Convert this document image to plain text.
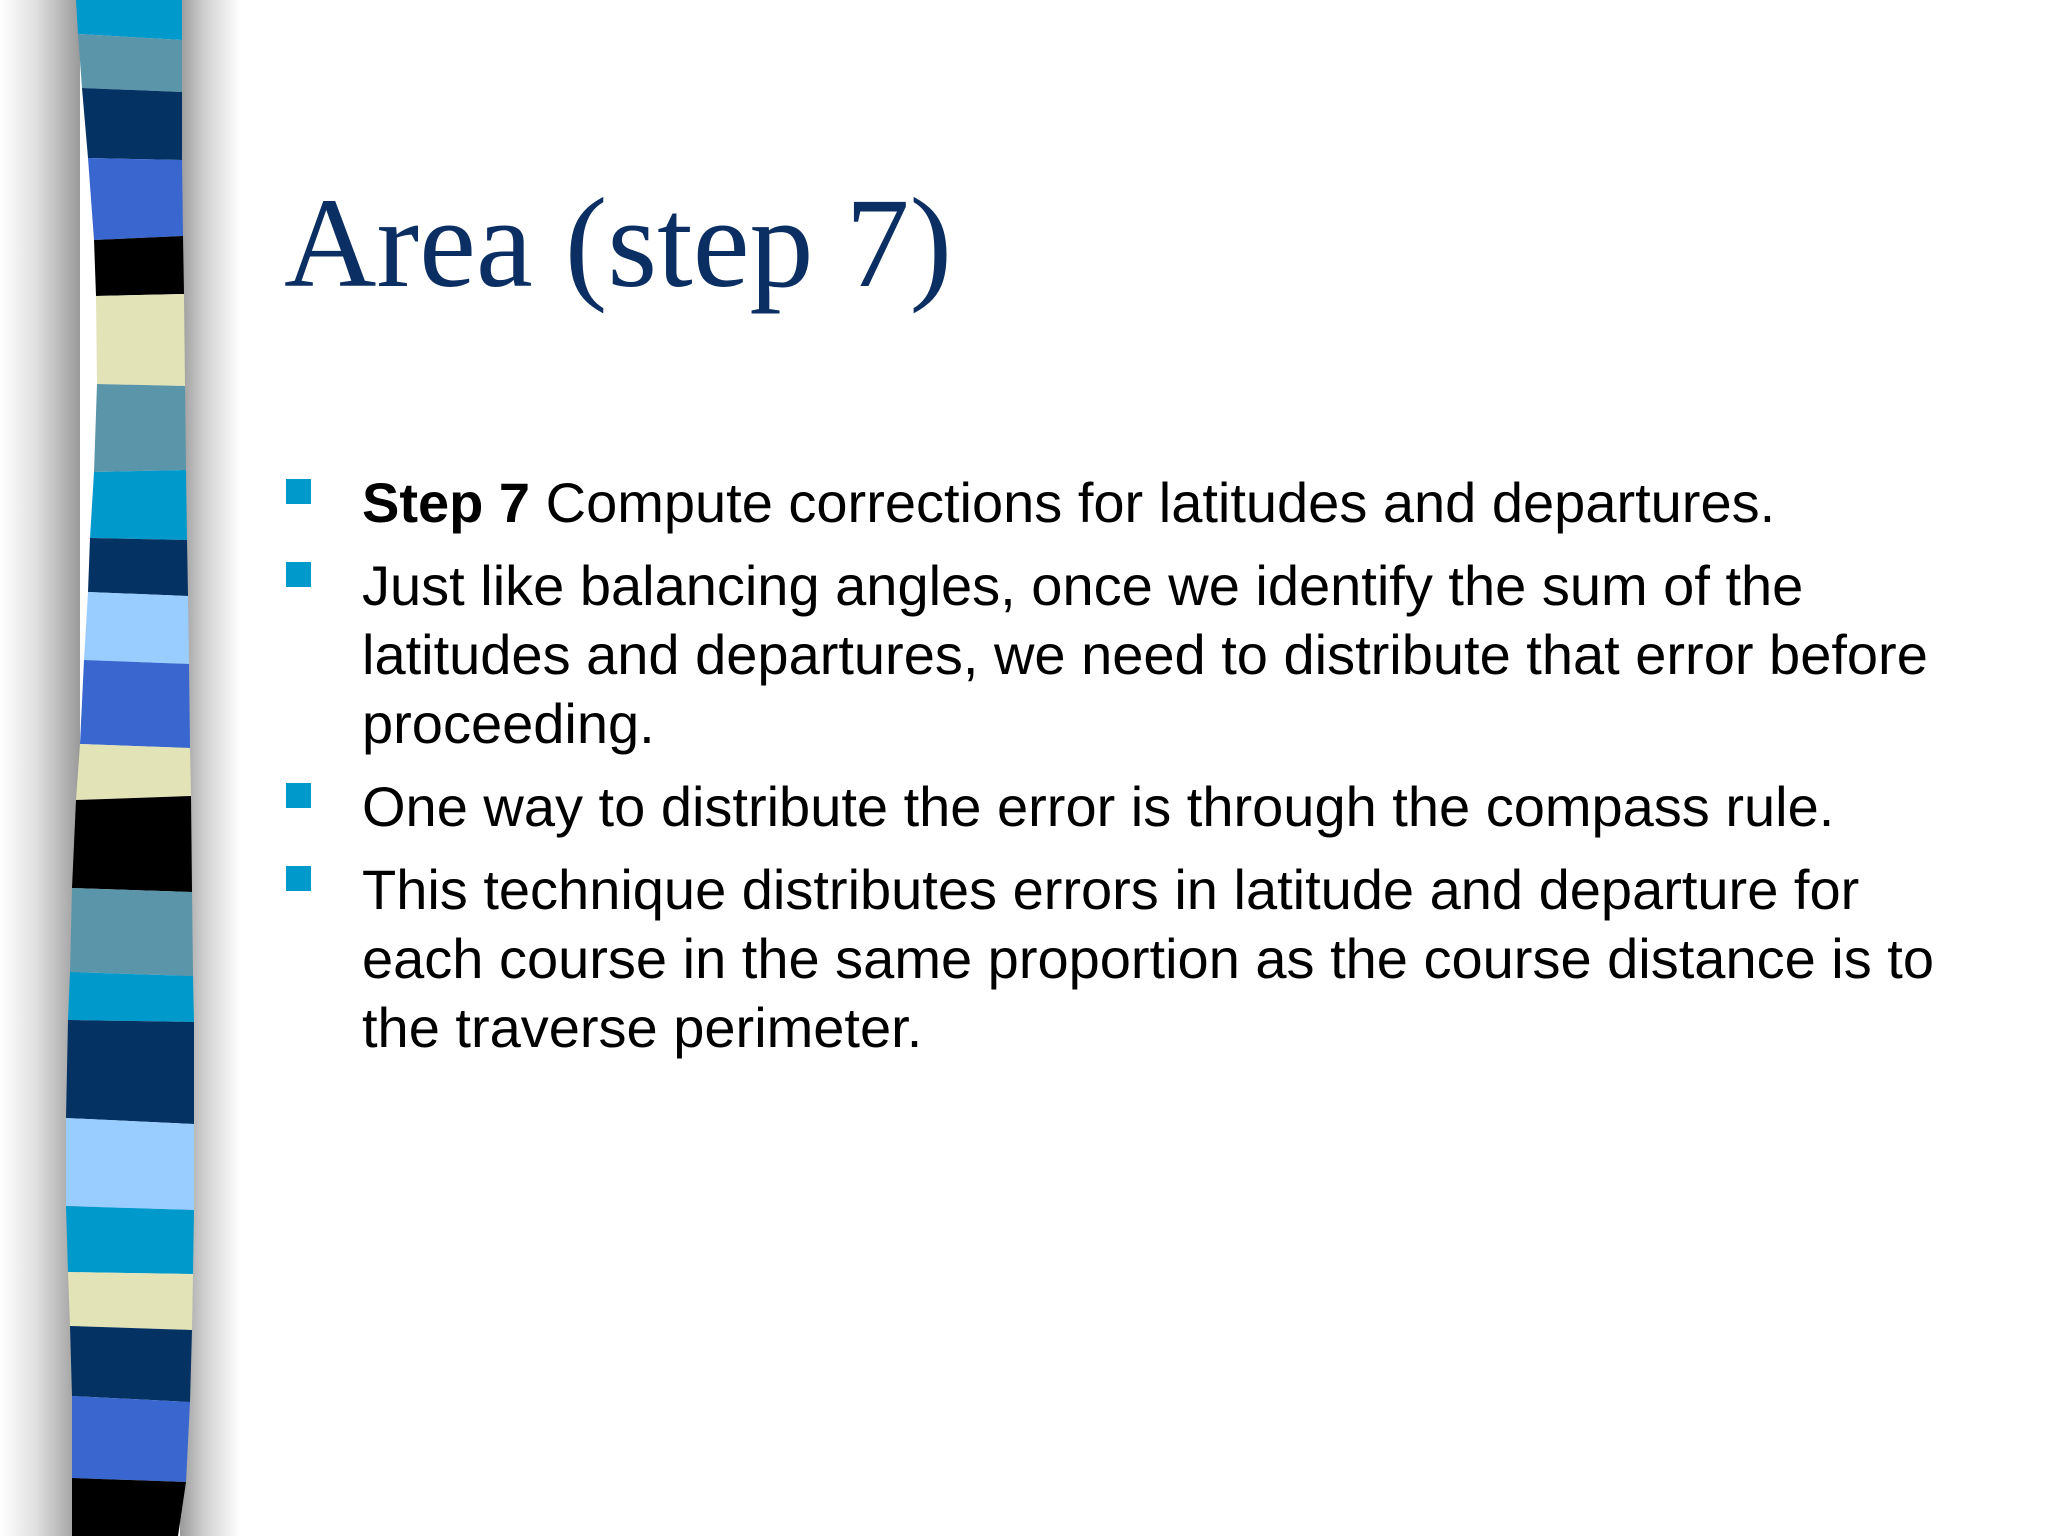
Area (step 7)
Step 7 Compute corrections for latitudes and departures.
Just like balancing angles, once we identify the sum of the latitudes and departures, we need to distribute that error before proceeding.
One way to distribute the error is through the compass rule.
This technique distributes errors in latitude and departure for each course in the same proportion as the course distance is to the traverse perimeter.
